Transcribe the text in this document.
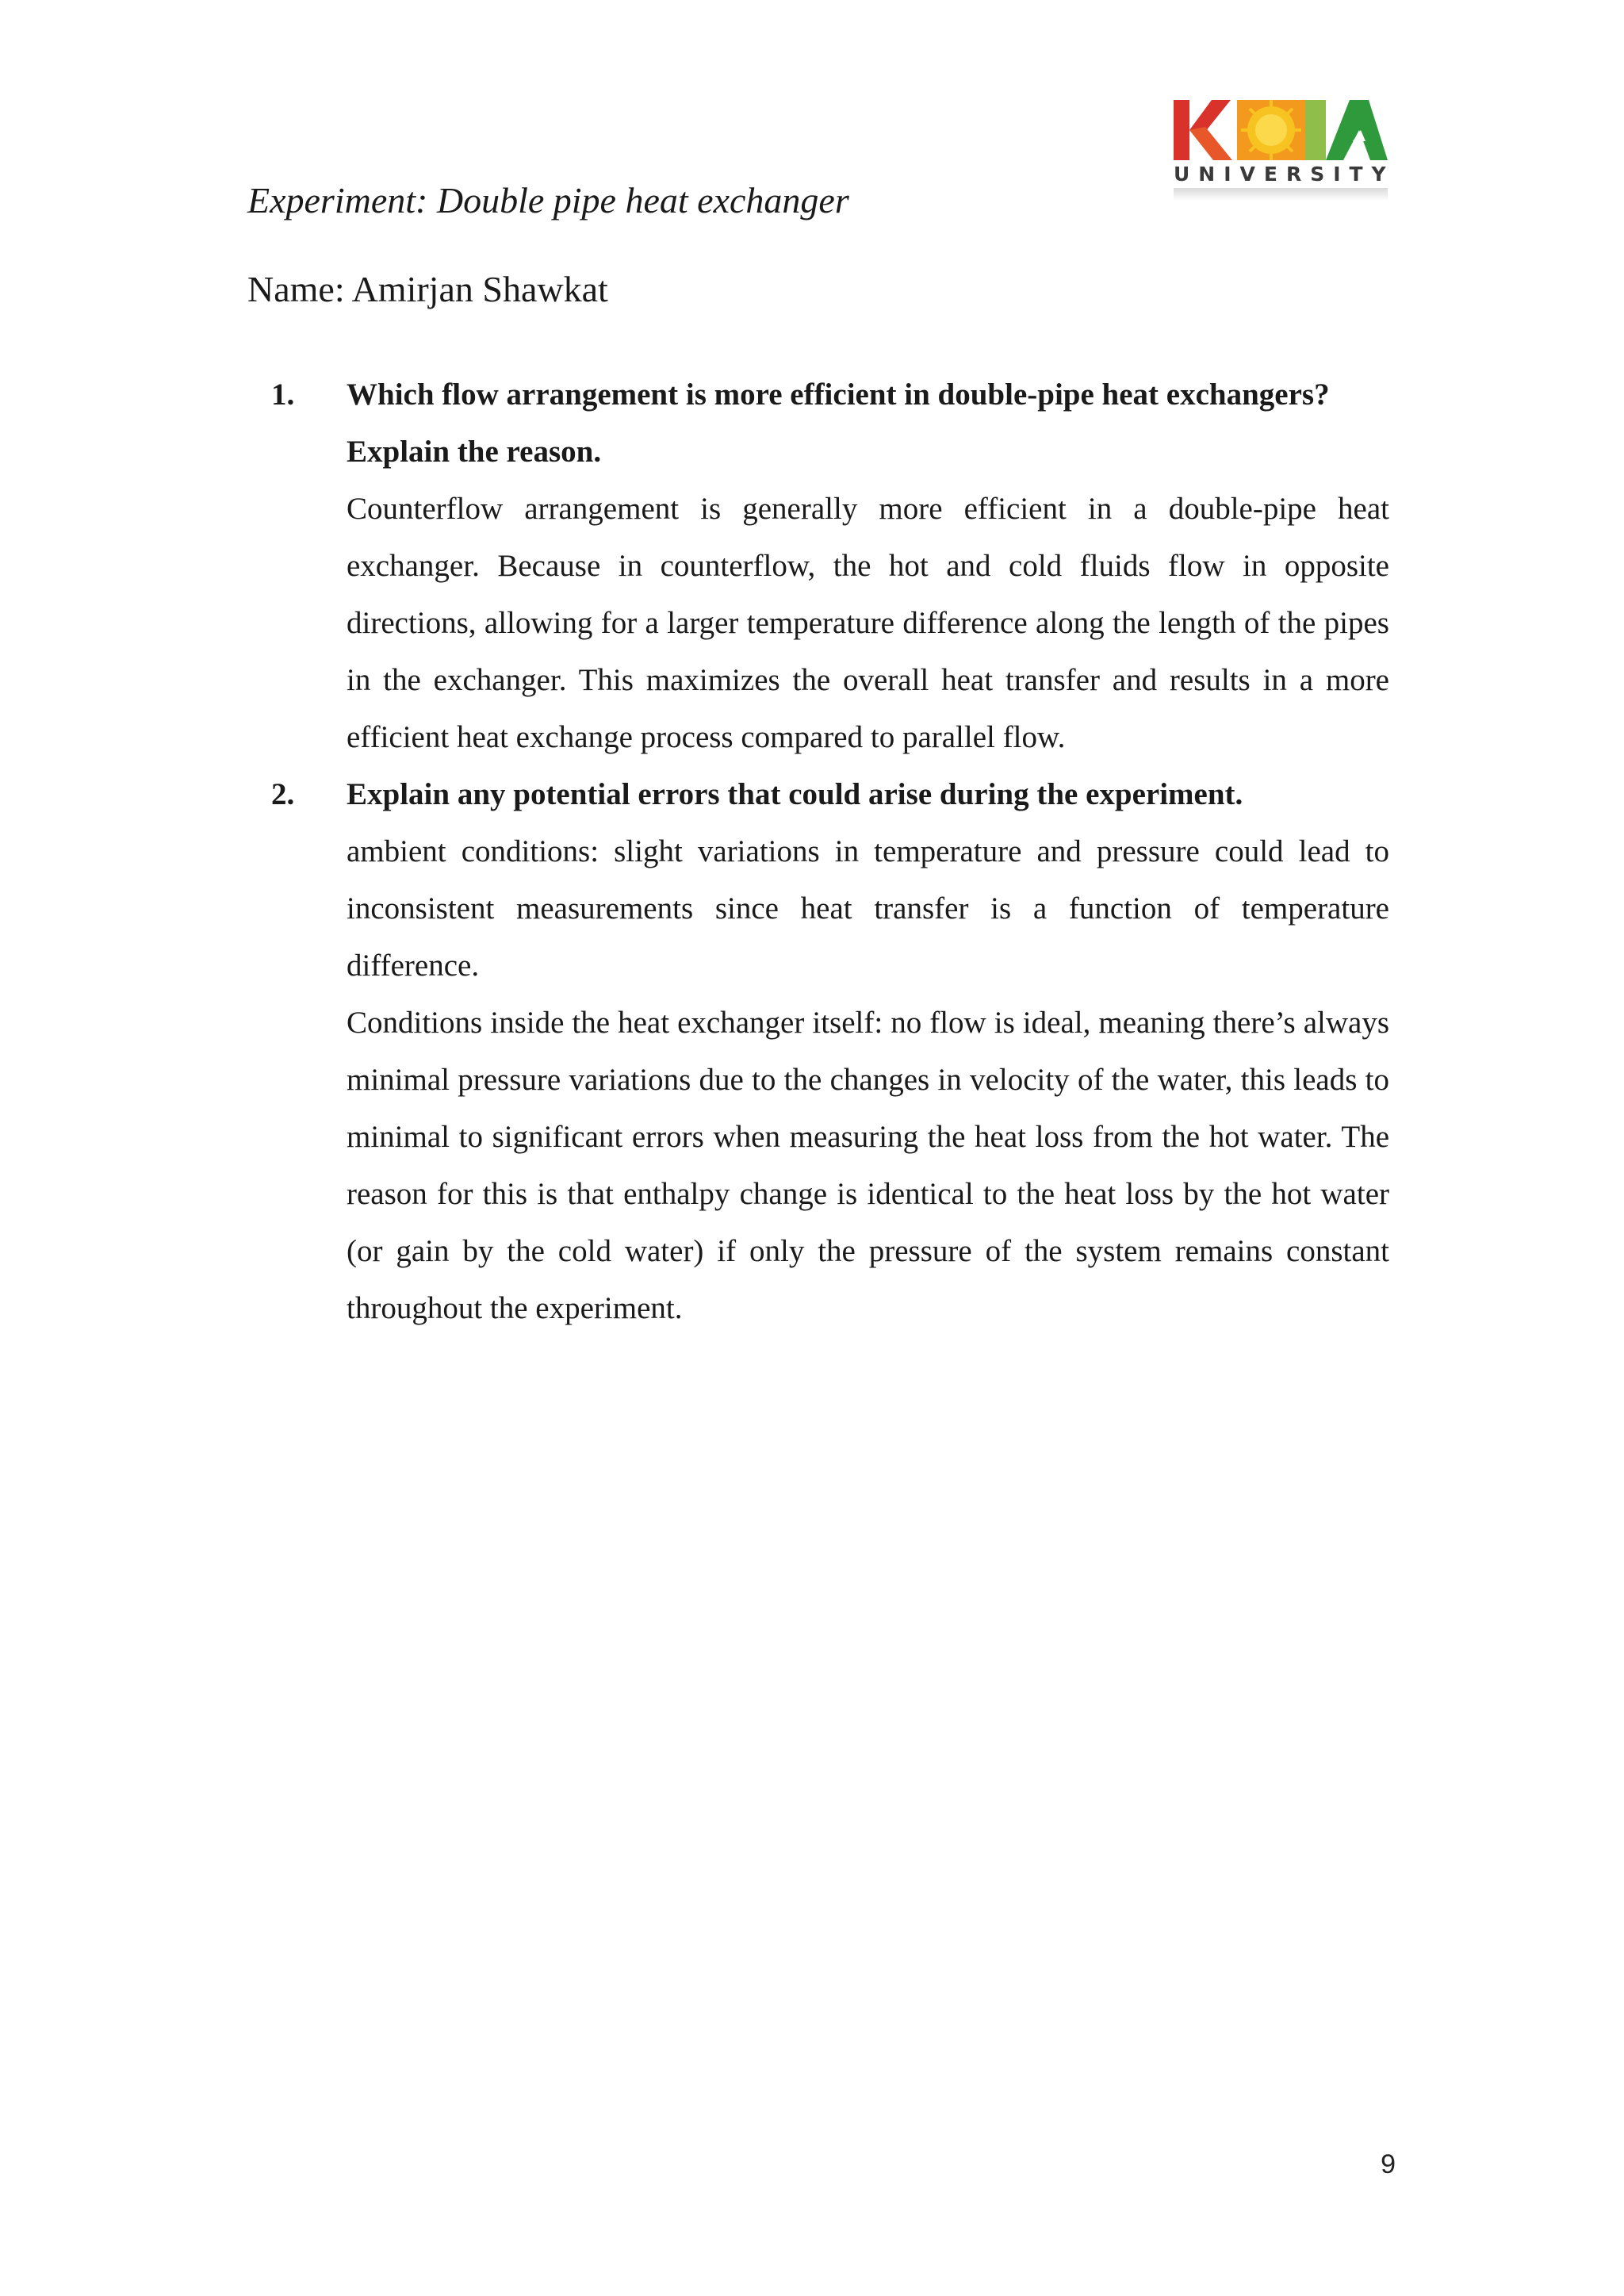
UNIVERSITY
Experiment: Double pipe heat exchanger
Name: Amirjan Shawkat
1.	Which flow arrangement is more efficient in double-pipe heat exchangers? Explain the reason.
Counterflow arrangement is generally more efficient in a double-pipe heat exchanger. Because in counterflow, the hot and cold fluids flow in opposite directions, allowing for a larger temperature difference along the length of the pipes in the exchanger. This maximizes the overall heat transfer and results in a more efficient heat exchange process compared to parallel flow.
2.	Explain any potential errors that could arise during the experiment.
ambient conditions: slight variations in temperature and pressure could lead to inconsistent measurements since heat transfer is a function of temperature difference.
Conditions inside the heat exchanger itself: no flow is ideal, meaning there’s always minimal pressure variations due to the changes in velocity of the water, this leads to minimal to significant errors when measuring the heat loss from the hot water. The reason for this is that enthalpy change is identical to the heat loss by the hot water (or gain by the cold water) if only the pressure of the system remains constant throughout the experiment.
9
